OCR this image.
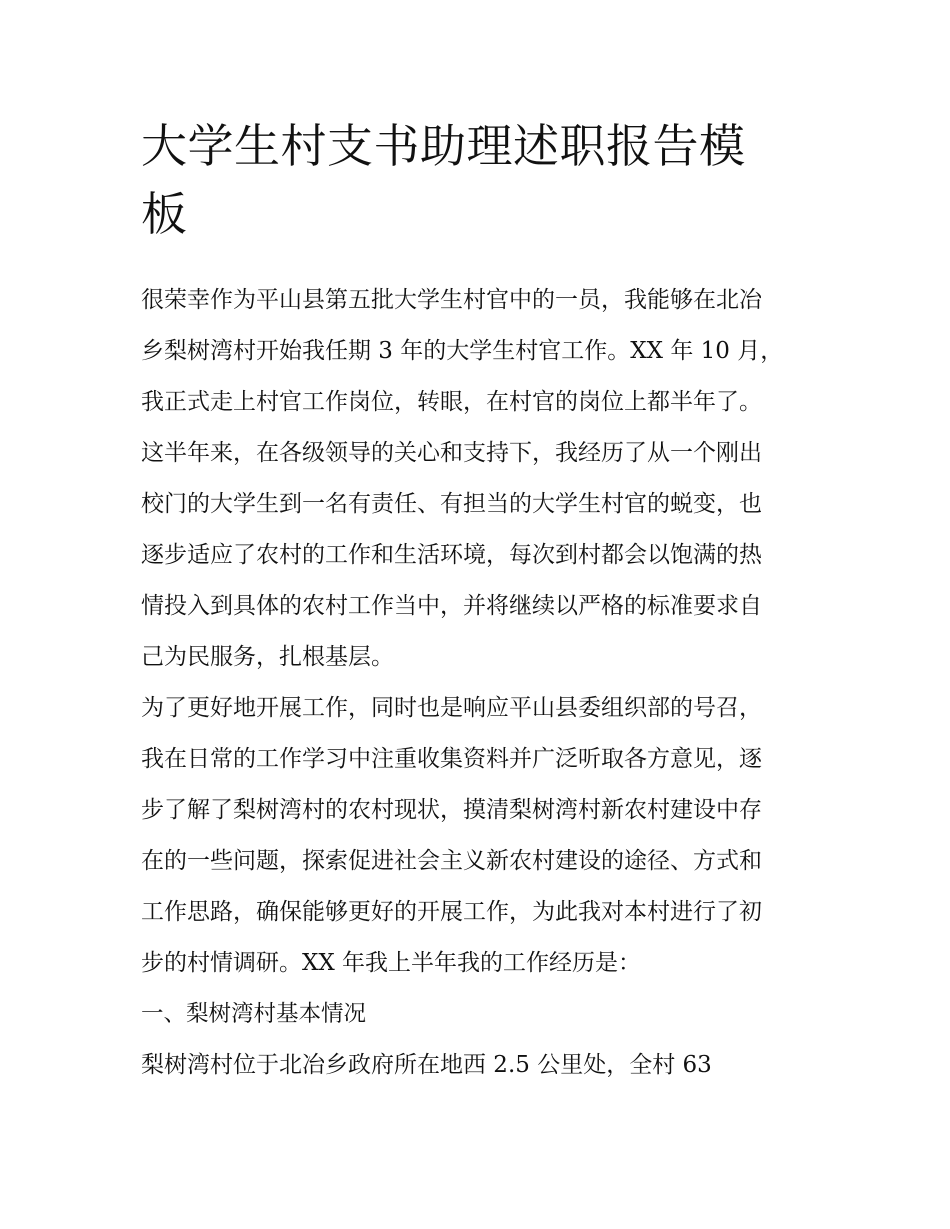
大学生村支书助理述职报告模
板
很荣幸作为平山县第五批大学生村官中的一员，我能够在北冶
乡梨树湾村开始我任期 3 年的大学生村官工作。XX 年 10 月，
我正式走上村官工作岗位，转眼，在村官的岗位上都半年了。
这半年来，在各级领导的关心和支持下，我经历了从一个刚出
校门的大学生到一名有责任、有担当的大学生村官的蜕变，也
逐步适应了农村的工作和生活环境，每次到村都会以饱满的热
情投入到具体的农村工作当中，并将继续以严格的标准要求自
己为民服务，扎根基层。
为了更好地开展工作，同时也是响应平山县委组织部的号召，
我在日常的工作学习中注重收集资料并广泛听取各方意见，逐
步了解了梨树湾村的农村现状，摸清梨树湾村新农村建设中存
在的一些问题，探索促进社会主义新农村建设的途径、方式和
工作思路，确保能够更好的开展工作，为此我对本村进行了初
步的村情调研。XX 年我上半年我的工作经历是：
一、梨树湾村基本情况
梨树湾村位于北冶乡政府所在地西 2.5 公里处，全村 63
